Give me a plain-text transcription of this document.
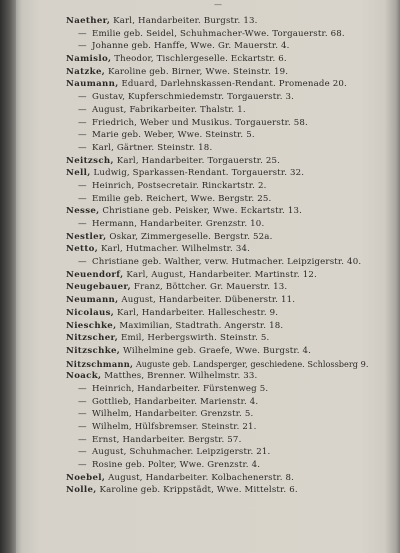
—
Naether, Karl, Handarbeiter. Burgstr. 13.
— Emilie geb. Seidel, Schuhmacher-Wwe. Torgauerstr. 68.
— Johanne geb. Hanffe, Wwe. Gr. Mauerstr. 4.
Namislo, Theodor, Tischlergeselle. Eckartstr. 6.
Natzke, Karoline geb. Birner, Wwe. Steinstr. 19.
Naumann, Eduard, Darlehnskassen-Rendant. Promenade 20.
— Gustav, Kupferschmiedemstr. Torgauerstr. 3.
— August, Fabrikarbeiter. Thalstr. 1.
— Friedrich, Weber und Musikus. Torgauerstr. 58.
— Marie geb. Weber, Wwe. Steinstr. 5.
— Karl, Gärtner. Steinstr. 18.
Neitzsch, Karl, Handarbeiter. Torgauerstr. 25.
Nell, Ludwig, Sparkassen-Rendant. Torgauerstr. 32.
— Heinrich, Postsecretair. Rinckartstr. 2.
— Emilie geb. Reichert, Wwe. Bergstr. 25.
Nesse, Christiane geb. Peisker, Wwe. Eckartstr. 13.
— Hermann, Handarbeiter. Grenzstr. 10.
Nestler, Oskar, Zimmergeselle. Bergstr. 52a.
Netto, Karl, Hutmacher. Wilhelmstr. 34.
— Christiane geb. Walther, verw. Hutmacher. Leipzigerstr. 40.
Neuendorf, Karl, August, Handarbeiter. Martinstr. 12.
Neugebauer, Franz, Böttcher. Gr. Mauerstr. 13.
Neumann, August, Handarbeiter. Dübenerstr. 11.
Nicolaus, Karl, Handarbeiter. Halleschestr. 9.
Nieschke, Maximilian, Stadtrath. Angerstr. 18.
Nitzscher, Emil, Herbergswirth. Steinstr. 5.
Nitzschke, Wilhelmine geb. Graefe, Wwe. Burgstr. 4.
Nitzschmann, Auguste geb. Landsperger, geschiedene. Schlossberg 9.
Noack, Matthes, Brenner. Wilhelmstr. 33.
— Heinrich, Handarbeiter. Fürstenweg 5.
— Gottlieb, Handarbeiter. Marienstr. 4.
— Wilhelm, Handarbeiter. Grenzstr. 5.
— Wilhelm, Hülfsbremser. Steinstr. 21.
— Ernst, Handarbeiter. Bergstr. 57.
— August, Schuhmacher. Leipzigerstr. 21.
— Rosine geb. Polter, Wwe. Grenzstr. 4.
Noebel, August, Handarbeiter. Kolbachenerstr. 8.
Nolle, Karoline geb. Krippstädt, Wwe. Mittelstr. 6.
